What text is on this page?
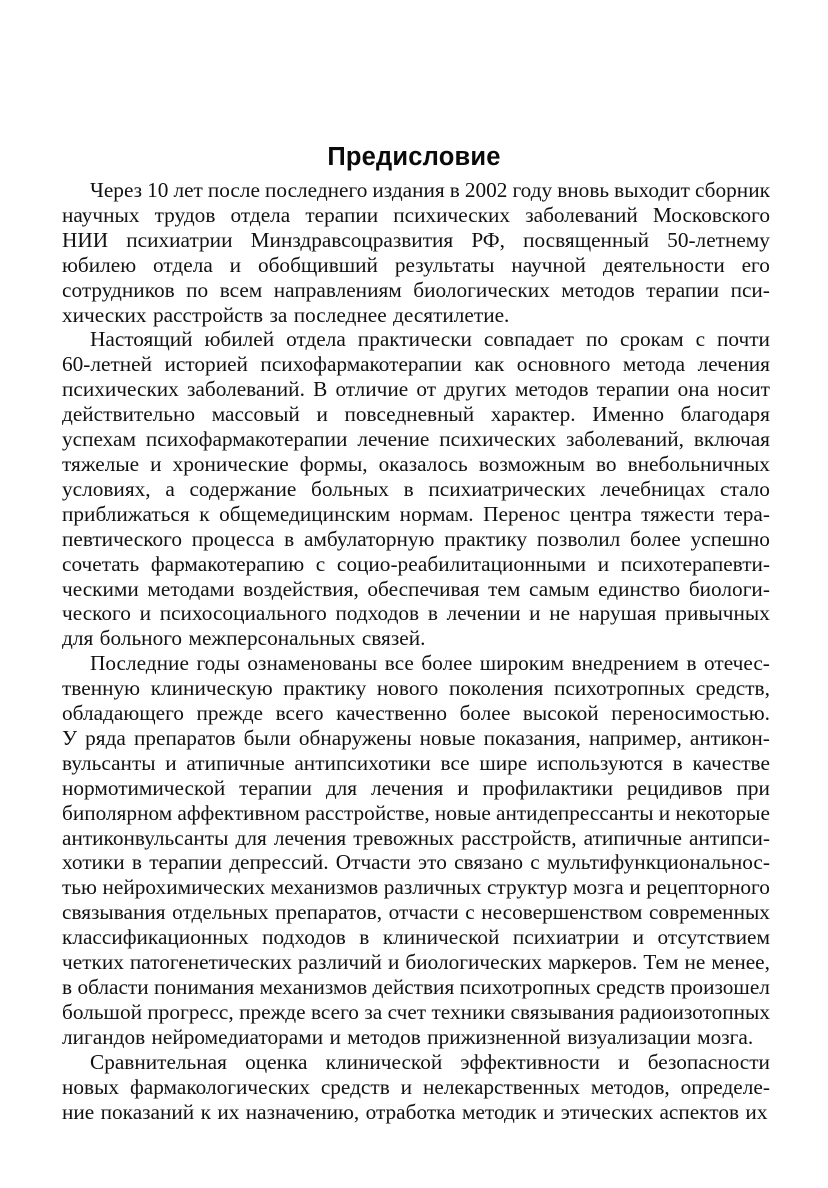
Предисловие
Через 10 лет после последнего издания в 2002 году вновь выходит сборник
научных трудов отдела терапии психических заболеваний Московского
НИИ психиатрии Минздравсоцразвития РФ, посвященный 50-летнему
юбилею отдела и обобщивший результаты научной деятельности его
сотрудников по всем направлениям биологических методов терапии пси-
хических расстройств за последнее десятилетие.
Настоящий юбилей отдела практически совпадает по срокам с почти
60-летней историей психофармакотерапии как основного метода лечения
психических заболеваний. В отличие от других методов терапии она носит
действительно массовый и повседневный характер. Именно благодаря
успехам психофармакотерапии лечение психических заболеваний, включая
тяжелые и хронические формы, оказалось возможным во внебольничных
условиях, а содержание больных в психиатрических лечебницах стало
приближаться к общемедицинским нормам. Перенос центра тяжести тера-
певтического процесса в амбулаторную практику позволил более успешно
сочетать фармакотерапию с социо-реабилитационными и психотерапевти-
ческими методами воздействия, обеспечивая тем самым единство биологи-
ческого и психосоциального подходов в лечении и не нарушая привычных
для больного межперсональных связей.
Последние годы ознаменованы все более широким внедрением в отечес-
твенную клиническую практику нового поколения психотропных средств,
обладающего прежде всего качественно более высокой переносимостью.
У ряда препаратов были обнаружены новые показания, например, антикон-
вульсанты и атипичные антипсихотики все шире используются в качестве
нормотимической терапии для лечения и профилактики рецидивов при
биполярном аффективном расстройстве, новые антидепрессанты и некоторые
антиконвульсанты для лечения тревожных расстройств, атипичные антипси-
хотики в терапии депрессий. Отчасти это связано с мультифункциональнос-
тью нейрохимических механизмов различных структур мозга и рецепторного
связывания отдельных препаратов, отчасти с несовершенством современных
классификационных подходов в клинической психиатрии и отсутствием
четких патогенетических различий и биологических маркеров. Тем не менее,
в области понимания механизмов действия психотропных средств произошел
большой прогресс, прежде всего за счет техники связывания радиоизотопных
лигандов нейромедиаторами и методов прижизненной визуализации мозга.
Сравнительная оценка клинической эффективности и безопасности
новых фармакологических средств и нелекарственных методов, определе-
ние показаний к их назначению, отработка методик и этических аспектов их
